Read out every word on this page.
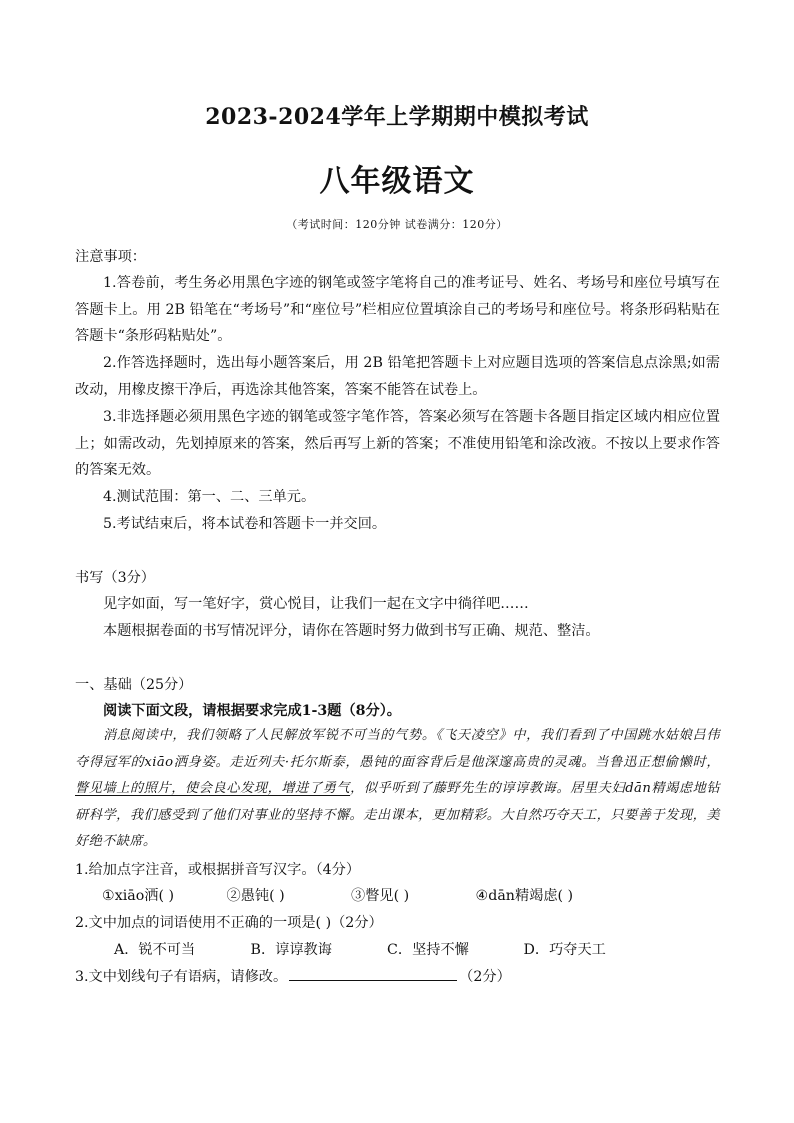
2023-2024学年上学期期中模拟考试
八年级语文
（考试时间：120分钟 试卷满分：120分）
注意事项：
1.答卷前，考生务必用黑色字迹的钢笔或签字笔将自己的准考证号、姓名、考场号和座位号填写在答题卡上。用 2B 铅笔在“考场号”和“座位号”栏相应位置填涂自己的考场号和座位号。将条形码粘贴在答题卡“条形码粘贴处”。
2.作答选择题时，选出每小题答案后，用 2B 铅笔把答题卡上对应题目选项的答案信息点涂黑;如需改动，用橡皮擦干净后，再选涂其他答案，答案不能答在试卷上。
3.非选择题必须用黑色字迹的钢笔或签字笔作答，答案必须写在答题卡各题目指定区域内相应位置上；如需改动，先划掉原来的答案，然后再写上新的答案；不准使用铅笔和涂改液。不按以上要求作答的答案无效。
4.测试范围：第一、二、三单元。
5.考试结束后，将本试卷和答题卡一并交回。
书写（3分）
见字如面，写一笔好字，赏心悦目，让我们一起在文字中徜徉吧……
本题根据卷面的书写情况评分，请你在答题时努力做到书写正确、规范、整洁。
一、基础（25分）
阅读下面文段，请根据要求完成1-3题（8分）。
消息阅读中，我们领略了人民解放军锐不可当的气势。《飞天凌空》中，我们看到了中国跳水姑娘吕伟夺得冠军的xiāo洒身姿。走近列夫·托尔斯泰，愚钝的面容背后是他深邃高贵的灵魂。当鲁迅正想偷懒时，瞥见墙上的照片，使会良心发现，增进了勇气，似乎听到了藤野先生的谆谆教诲。居里夫妇dān精竭虑地钻研科学，我们感受到了他们对事业的坚持不懈。走出课本，更加精彩。大自然巧夺天工，只要善于发现，美好绝不缺席。
1.给加点字注音，或根据拼音写汉字。（4分）
①xiāo洒( )	②愚钝( )	③瞥见( )	④dān精竭虑( )
2.文中加点的词语使用不正确的一项是( )（2分）
A．锐不可当	B．谆谆教诲	C．坚持不懈	D．巧夺天工
3.文中划线句子有语病，请修改。	（2分）
